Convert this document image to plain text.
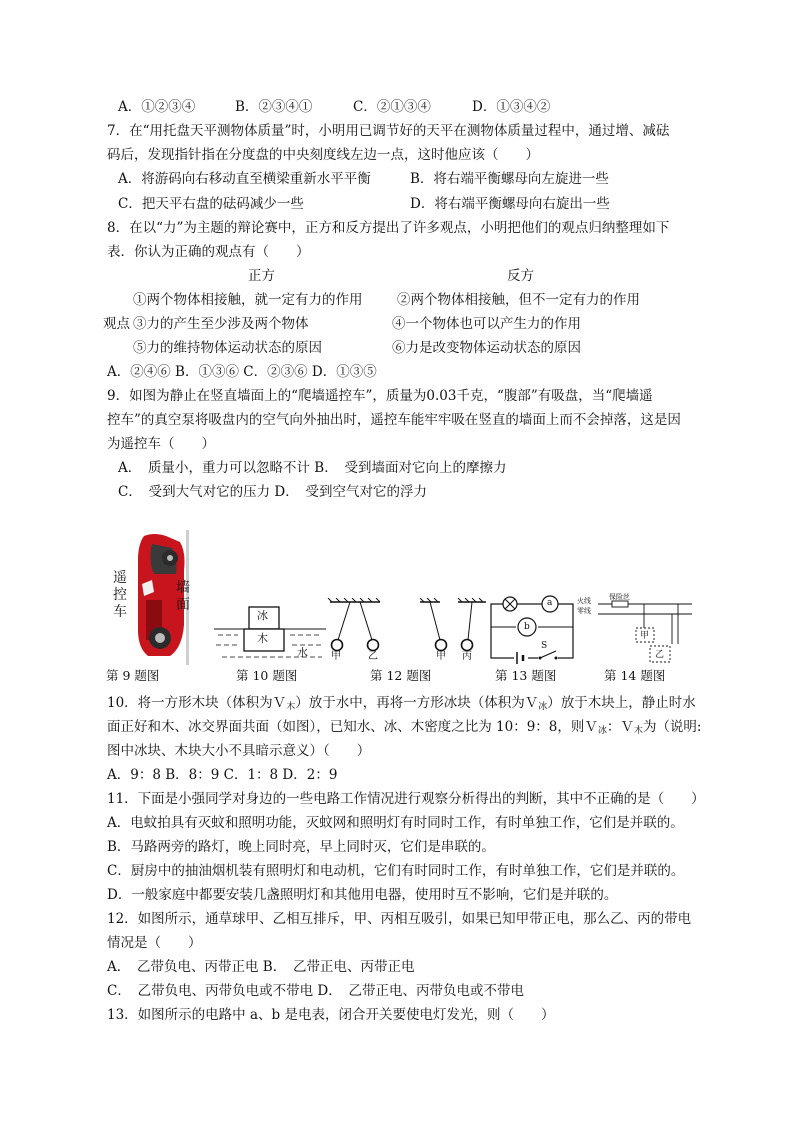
A．①②③④	B．②③④①	C．②①③④	D．①③④②
7．在“用托盘天平测物体质量”时，小明用已调节好的天平在测物体质量过程中，通过增、减砝
码后，发现指针指在分度盘的中央刻度线左边一点，这时他应该（　　）
A．将游码向右移动直至横梁重新水平平衡	B．将右端平衡螺母向左旋进一些
C．把天平右盘的砝码减少一些	D．将右端平衡螺母向右旋出一些
8．在以“力”为主题的辩论赛中，正方和反方提出了许多观点，小明把他们的观点归纳整理如下
表．你认为正确的观点有（　　）
正方	反方
①两个物体相接触，就一定有力的作用	②两个物体相接触，但不一定有力的作用
观点 ③力的产生至少涉及两个物体	④一个物体也可以产生力的作用
⑤力的维持物体运动状态的原因	⑥力是改变物体运动状态的原因
A．②④⑥ B．①③⑥ C．②③⑥ D．①③⑤
9．如图为静止在竖直墙面上的“爬墙遥控车”，质量为0.03千克，“腹部”有吸盘，当“爬墙遥
控车”的真空泵将吸盘内的空气向外抽出时，遥控车能牢牢吸在竖直的墙面上而不会掉落，这是因
为遥控车（　　）
A．　质量小，重力可以忽略不计 B．　受到墙面对它向上的摩擦力
C．　受到大气对它的压力 D．　受到空气对它的浮力
遥
控
车
墙
面
冰
木
水 甲	乙	甲 丙
a
b
S
火线
零线
保险丝
甲
乙
第 9 题图	第 10 题图	第 12 题图	第 13 题图	第 14 题图
10．将一方形木块（体积为Ｖ$_木$）放于水中，再将一方形冰块（体积为Ｖ$_冰$）放于木块上，静止时水
面正好和木、冰交界面共面（如图），已知水、冰、木密度之比为 10：9：8，则Ｖ$_冰$：Ｖ$_木$为（说明:
图中冰块、木块大小不具暗示意义）（　　）
A．9：8 B．8：9 C．1：8 D．2：9
11．下面是小强同学对身边的一些电路工作情况进行观察分析得出的判断，其中不正确的是（　　）
A．电蚊拍具有灭蚊和照明功能，灭蚊网和照明灯有时同时工作，有时单独工作，它们是并联的。
B．马路两旁的路灯，晚上同时亮，早上同时灭，它们是串联的。
C．厨房中的抽油烟机装有照明灯和电动机，它们有时同时工作，有时单独工作，它们是并联的。
D．一般家庭中都要安装几盏照明灯和其他用电器，使用时互不影响，它们是并联的。
12．如图所示，通草球甲、乙相互排斥，甲、丙相互吸引，如果已知甲带正电，那么乙、丙的带电
情况是（　　）
A．　乙带负电、丙带正电 B．　乙带正电、丙带正电
C．　乙带负电、丙带负电或不带电 D．　乙带正电、丙带负电或不带电
13．如图所示的电路中 a、b 是电表，闭合开关要使电灯发光，则（　　）
